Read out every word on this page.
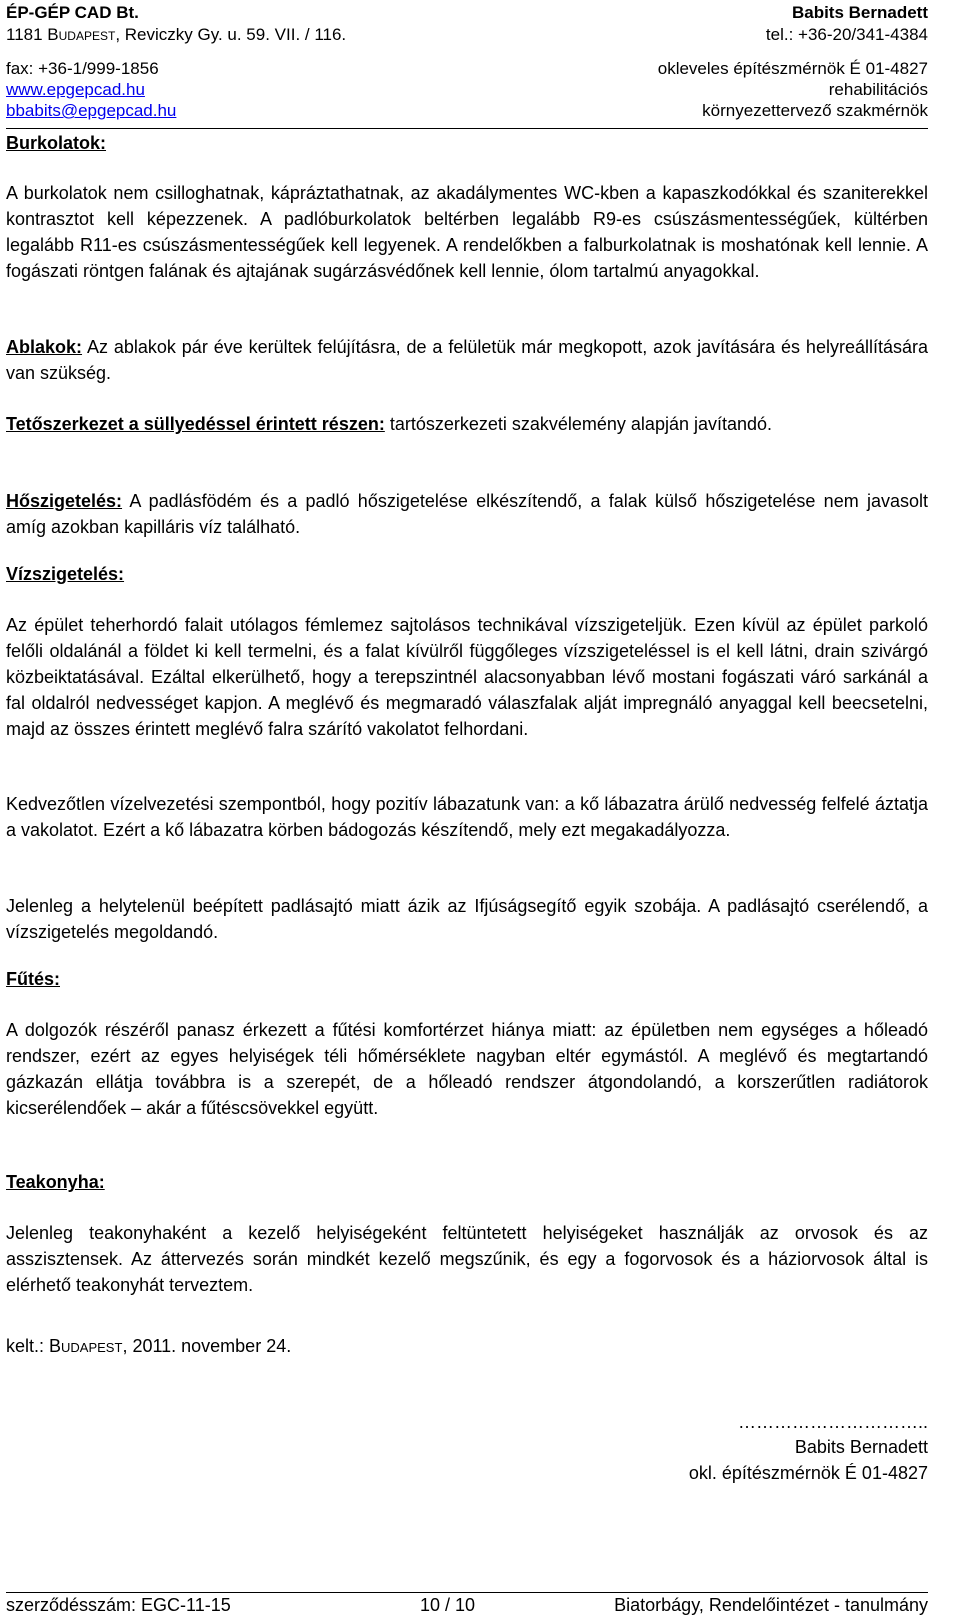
ÉP-GÉP CAD Bt.
1181 Budapest, Reviczky Gy. u. 59. VII. / 116.
fax: +36-1/999-1856
www.epgepcad.hu
bbabits@epgepcad.hu
Babits Bernadett
tel.: +36-20/341-4384
okleveles építészmérnök É 01-4827
rehabilitációs
környezettervező szakmérnök
Burkolatok:
A burkolatok nem csilloghatnak, kápráztathatnak, az akadálymentes WC-kben a kapaszkodókkal és szaniterekkel kontrasztot kell képezzenek. A padlóburkolatok beltérben legalább R9-es csúszásmentességűek, kültérben legalább R11-es csúszásmentességűek kell legyenek. A rendelőkben a falburkolatnak is moshatónak kell lennie. A fogászati röntgen falának és ajtajának sugárzásvédőnek kell lennie, ólom tartalmú anyagokkal.
Ablakok: Az ablakok pár éve kerültek felújításra, de a felületük már megkopott, azok javítására és helyreállítására van szükség.
Tetőszerkezet a süllyedéssel érintett részen: tartószerkezeti szakvélemény alapján javítandó.
Hőszigetelés: A padlásfödém és a padló hőszigetelése elkészítendő, a falak külső hőszigetelése nem javasolt amíg azokban kapilláris víz található.
Vízszigetelés:
Az épület teherhordó falait utólagos fémlemez sajtolásos technikával vízszigeteljük. Ezen kívül az épület parkoló felőli oldalánál a földet ki kell termelni, és a falat kívülről függőleges vízszigeteléssel is el kell látni, drain szivárgó közbeiktatásával. Ezáltal elkerülhető, hogy a terepszintnél alacsonyabban lévő mostani fogászati váró sarkánál a fal oldalról nedvességet kapjon. A meglévő és megmaradó válaszfalak alját impregnáló anyaggal kell beecsetelni, majd az összes érintett meglévő falra szárító vakolatot felhordani.
Kedvezőtlen vízelvezetési szempontból, hogy pozitív lábazatunk van: a kő lábazatra árülő nedvesség felfelé áztatja a vakolatot. Ezért a kő lábazatra körben bádogozás készítendő, mely ezt megakadályozza.
Jelenleg a helytelenül beépített padlásajtó miatt ázik az Ifjúságsegítő egyik szobája. A padlásajtó cserélendő, a vízszigetelés megoldandó.
Fűtés:
A dolgozók részéről panasz érkezett a fűtési komfortérzet hiánya miatt: az épületben nem egységes a hőleadó rendszer, ezért az egyes helyiségek téli hőmérséklete nagyban eltér egymástól. A meglévő és megtartandó gázkazán ellátja továbbra is a szerepét, de a hőleadó rendszer átgondolandó, a korszerűtlen radiátorok kicserélendőek – akár a fűtéscsövekkel együtt.
Teakonyha:
Jelenleg teakonyhaként a kezelő helyiségeként feltüntetett helyiségeket használják az orvosok és az asszisztensek. Az áttervezés során mindkét kezelő megszűnik, és egy a fogorvosok és a háziorvosok által is elérhető teakonyhát terveztem.
kelt.: Budapest, 2011. november 24.
…………………………..
Babits Bernadett
okl. építészmérnök É 01-4827
szerződésszám: EGC-11-15	10 / 10	Biatorbágy, Rendelőintézet - tanulmány
